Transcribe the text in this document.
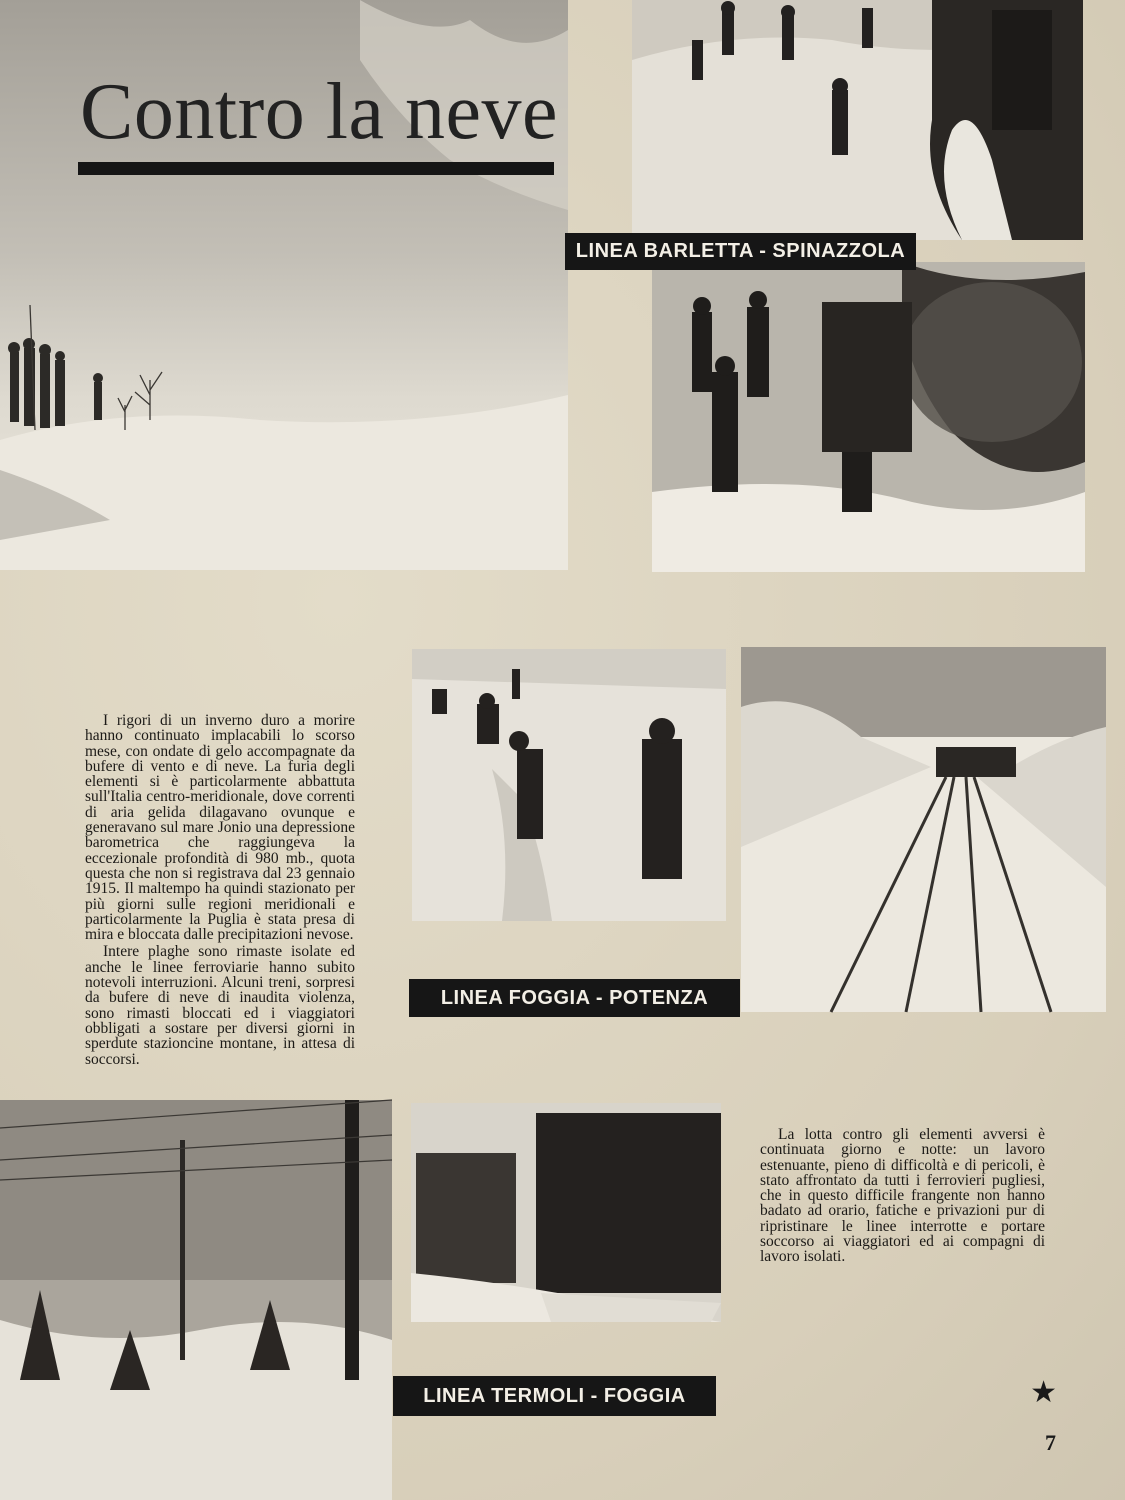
Contro la neve
LINEA BARLETTA - SPINAZZOLA
LINEA FOGGIA - POTENZA
LINEA TERMOLI - FOGGIA

I rigori di un inverno duro a morire hanno continuato implacabili lo scorso mese, con ondate di gelo accompagnate da bufere di vento e di neve. La furia degli elementi si è particolarmente abbattuta sull'Italia centro-meridionale, dove correnti di aria gelida dilagavano ovunque e generavano sul mare Jonio una depressione barometrica che raggiungeva la eccezionale profondità di 980 mb., quota questa che non si registrava dal 23 gennaio 1915. Il maltempo ha quindi stazionato per più giorni sulle regioni meridionali e particolarmente la Puglia è stata presa di mira e bloccata dalle precipitazioni nevose.

Intere plaghe sono rimaste isolate ed anche le linee ferroviarie hanno subito notevoli interruzioni. Alcuni treni, sorpresi da bufere di neve di inaudita violenza, sono rimasti bloccati ed i viaggiatori obbligati a sostare per diversi giorni in sperdute stazioncine montane, in attesa di soccorsi.

La lotta contro gli elementi avversi è continuata giorno e notte: un lavoro estenuante, pieno di difficoltà e di pericoli, è stato affrontato da tutti i ferrovieri pugliesi, che in questo difficile frangente non hanno badato ad orario, fatiche e privazioni pur di ripristinare le linee interrotte e portare soccorso ai viaggiatori ed ai compagni di lavoro isolati.

★
7
